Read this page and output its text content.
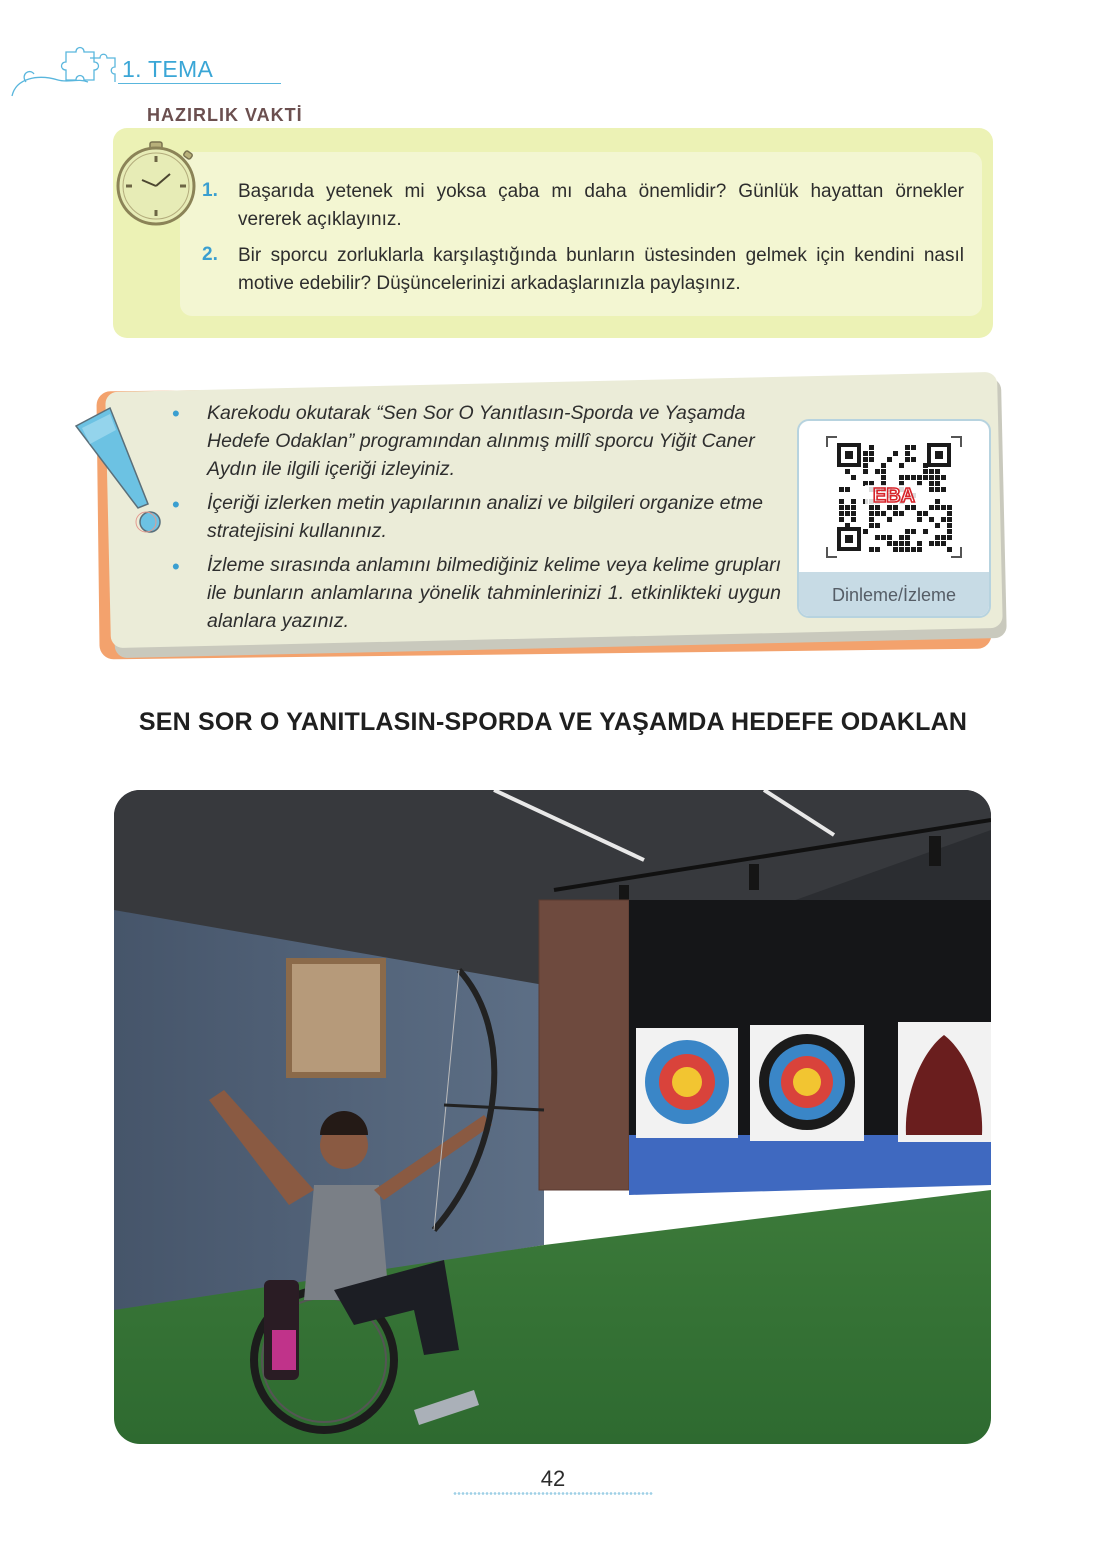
1. TEMA
HAZIRLIK VAKTİ
1. Başarıda yetenek mi yoksa çaba mı daha önemlidir? Günlük hayattan örnekler vererek açıklayınız.
2. Bir sporcu zorluklarla karşılaştığında bunların üstesinden gelmek için kendini nasıl motive edebilir? Düşüncelerinizi arkadaşlarınızla paylaşınız.
• Karekodu okutarak “Sen Sor O Yanıtlasın-Sporda ve Yaşamda Hedefe Odaklan” programından alınmış millî sporcu Yiğit Caner Aydın ile ilgili içeriği izleyiniz.
• İçeriği izlerken metin yapılarının analizi ve bilgileri organize etme stratejisini kullanınız.
• İzleme sırasında anlamını bilmediğiniz kelime veya kelime grupları ile bunların anlamlarına yönelik tahminlerinizi 1. etkinlikteki uygun alanlara yazınız.
EBA
Dinleme/İzleme
SEN SOR O YANITLASIN-SPORDA VE YAŞAMDA HEDEFE ODAKLAN
42
